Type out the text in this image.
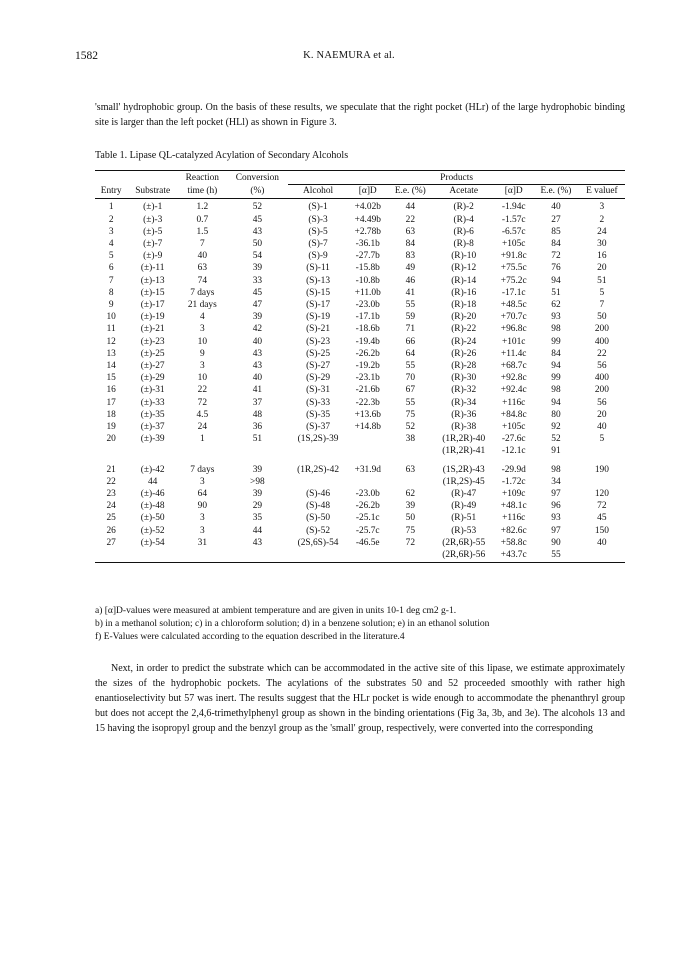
1582	K. NAEMURA et al.

'small' hydrophobic group. On the basis of these results, we speculate that the right pocket (HLr) of the large hydrophobic binding site is larger than the left pocket (HLl) as shown in Figure 3.

Table 1. Lipase QL-catalyzed Acylation of Secondary Alcohols

		Reaction	Conversion	Products						
Entry	Substrate	time (h)	(%)	Alcohol	[α]D	E.e. (%)	Acetate	[α]D	E.e. (%)	E valuef
1	(±)-1	1.2	52	(S)-1	+4.02b	44	(R)-2	-1.94c	40	3
2	(±)-3	0.7	45	(S)-3	+4.49b	22	(R)-4	-1.57c	27	2
3	(±)-5	1.5	43	(S)-5	+2.78b	63	(R)-6	-6.57c	85	24
4	(±)-7	7	50	(S)-7	-36.1b	84	(R)-8	+105c	84	30
5	(±)-9	40	54	(S)-9	-27.7b	83	(R)-10	+91.8c	72	16
6	(±)-11	63	39	(S)-11	-15.8b	49	(R)-12	+75.5c	76	20
7	(±)-13	74	33	(S)-13	-10.8b	46	(R)-14	+75.2c	94	51
8	(±)-15	7 days	45	(S)-15	+11.0b	41	(R)-16	-17.1c	51	5
9	(±)-17	21 days	47	(S)-17	-23.0b	55	(R)-18	+48.5c	62	7
10	(±)-19	4	39	(S)-19	-17.1b	59	(R)-20	+70.7c	93	50
11	(±)-21	3	42	(S)-21	-18.6b	71	(R)-22	+96.8c	98	200
12	(±)-23	10	40	(S)-23	-19.4b	66	(R)-24	+101c	99	400
13	(±)-25	9	43	(S)-25	-26.2b	64	(R)-26	+11.4c	84	22
14	(±)-27	3	43	(S)-27	-19.2b	55	(R)-28	+68.7c	94	56
15	(±)-29	10	40	(S)-29	-23.1b	70	(R)-30	+92.8c	99	400
16	(±)-31	22	41	(S)-31	-21.6b	67	(R)-32	+92.4c	98	200
17	(±)-33	72	37	(S)-33	-22.3b	55	(R)-34	+116c	94	56
18	(±)-35	4.5	48	(S)-35	+13.6b	75	(R)-36	+84.8c	80	20
19	(±)-37	24	36	(S)-37	+14.8b	52	(R)-38	+105c	92	40
20	(±)-39	1	51	(1S,2S)-39		38	(1R,2R)-40	-27.6c	52	5
							(1R,2R)-41	-12.1c	91	
21	(±)-42	7 days	39	(1R,2S)-42	+31.9d	63	(1S,2R)-43	-29.9d	98	190
22	44	3	>98				(1R,2S)-45	-1.72c	34	
23	(±)-46	64	39	(S)-46	-23.0b	62	(R)-47	+109c	97	120
24	(±)-48	90	29	(S)-48	-26.2b	39	(R)-49	+48.1c	96	72
25	(±)-50	3	35	(S)-50	-25.1c	50	(R)-51	+116c	93	45
26	(±)-52	3	44	(S)-52	-25.7c	75	(R)-53	+82.6c	97	150
27	(±)-54	31	43	(2S,6S)-54	-46.5e	72	(2R,6R)-55	+58.8c	90	40
							(2R,6R)-56	+43.7c	55	

a) [α]D-values were measured at ambient temperature and are given in units 10-1 deg cm2 g-1.

b) in a methanol solution; c) in a chloroform solution; d) in a benzene solution; e) in an ethanol solution

f) E-Values were calculated according to the equation described in the literature.4

Next, in order to predict the substrate which can be accommodated in the active site of this lipase, we estimate approximately the sizes of the hydrophobic pockets. The acylations of the substrates 50 and 52 proceeded smoothly with rather high enantioselectivity but 57 was inert. The results suggest that the HLr pocket is wide enough to accommodate the phenanthryl group but does not accept the 2,4,6-trimethylphenyl group as shown in the binding orientations (Fig 3a, 3b, and 3e). The alcohols 13 and 15 having the isopropyl group and the benzyl group as the 'small' group, respectively, were converted into the corresponding
